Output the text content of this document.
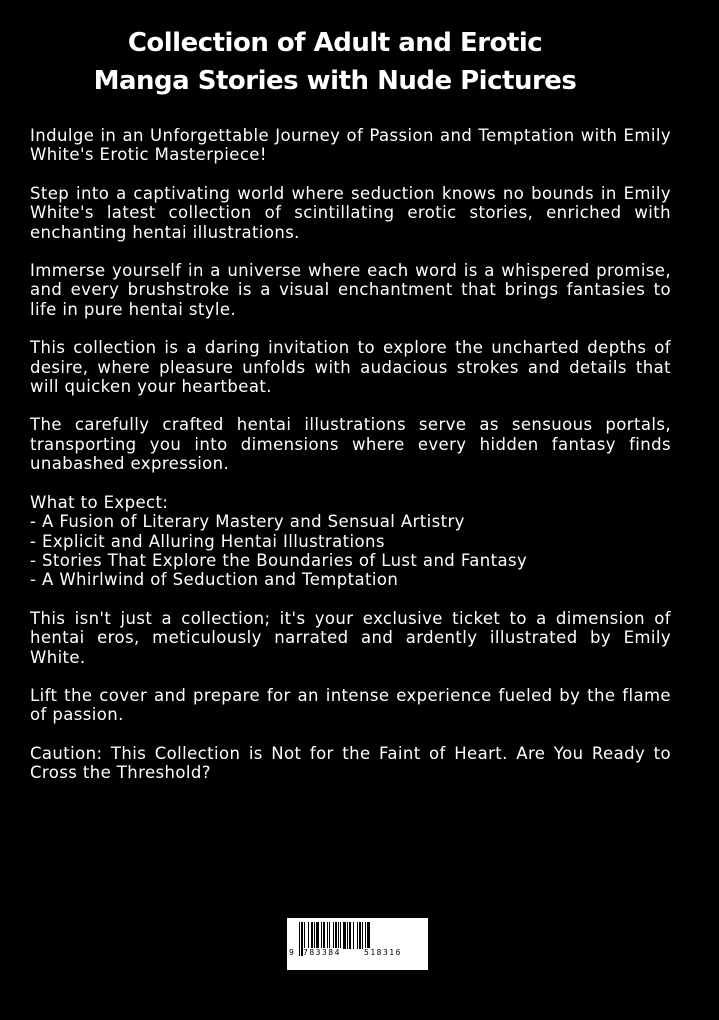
Collection of Adult and Erotic
Manga Stories with Nude Pictures

Indulge in an Unforgettable Journey of Passion and Temptation with Emily White's Erotic Masterpiece!

Step into a captivating world where seduction knows no bounds in Emily White's latest collection of scintillating erotic stories, enriched with enchanting hentai illustrations.

Immerse yourself in a universe where each word is a whispered promise, and every brushstroke is a visual enchantment that brings fantasies to life in pure hentai style.

This collection is a daring invitation to explore the uncharted depths of desire, where pleasure unfolds with audacious strokes and details that will quicken your heartbeat.

The carefully crafted hentai illustrations serve as sensuous portals, transporting you into dimensions where every hidden fantasy finds unabashed expression.

What to Expect:
- A Fusion of Literary Mastery and Sensual Artistry
- Explicit and Alluring Hentai Illustrations
- Stories That Explore the Boundaries of Lust and Fantasy
- A Whirlwind of Seduction and Temptation

This isn't just a collection; it's your exclusive ticket to a dimension of hentai eros, meticulously narrated and ardently illustrated by Emily White.

Lift the cover and prepare for an intense experience fueled by the flame of passion.

Caution: This Collection is Not for the Faint of Heart. Are You Ready to Cross the Threshold?

9 783384	518316
